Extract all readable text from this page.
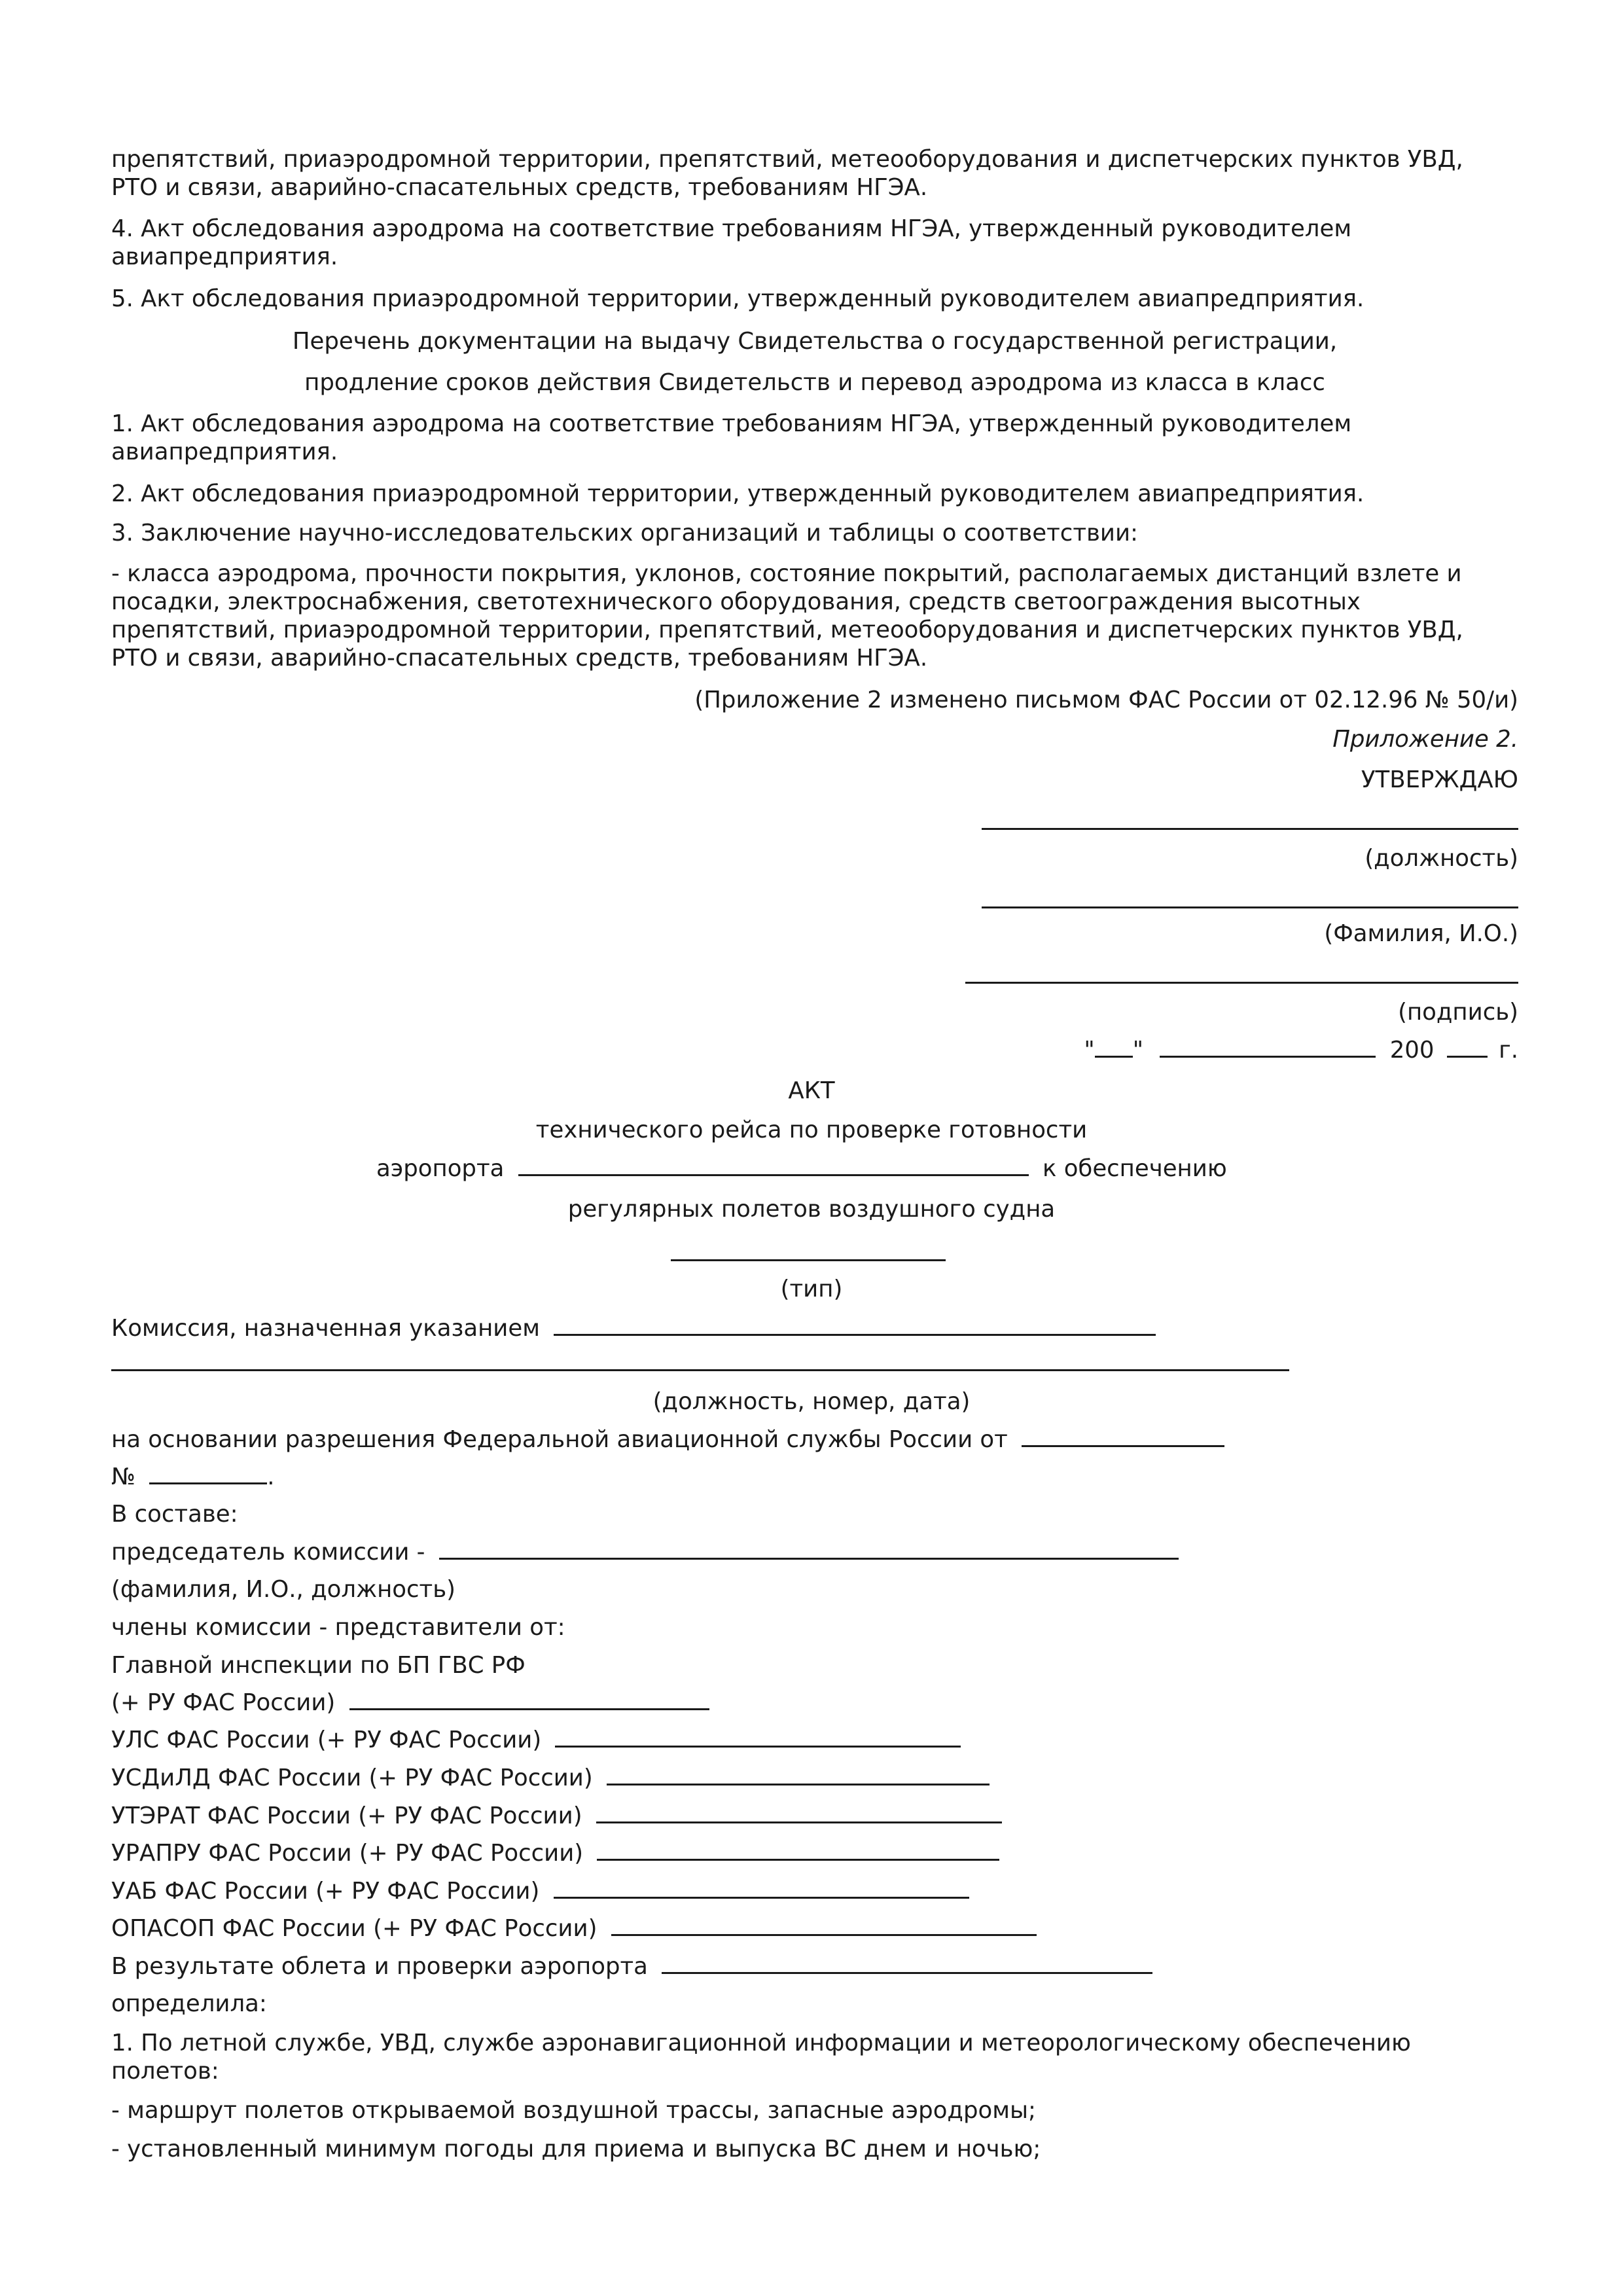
препятствий, приаэродромной территории, препятствий, метеооборудования и диспетчерских пунктов УВД,

РТО и связи, аварийно-спасательных средств, требованиям НГЭА.

4. Акт обследования аэродрома на соответствие требованиям НГЭА, утвержденный руководителем

авиапредприятия.

5. Акт обследования приаэродромной территории, утвержденный руководителем авиапредприятия.

Перечень документации на выдачу Свидетельства о государственной регистрации,

продление сроков действия Свидетельств и перевод аэродрома из класса в класс

1. Акт обследования аэродрома на соответствие требованиям НГЭА, утвержденный руководителем

авиапредприятия.

2. Акт обследования приаэродромной территории, утвержденный руководителем авиапредприятия.

3. Заключение научно-исследовательских организаций и таблицы о соответствии:

- класса аэродрома, прочности покрытия, уклонов, состояние покрытий, располагаемых дистанций взлете и

посадки, электроснабжения, светотехнического оборудования, средств светоограждения высотных

препятствий, приаэродромной территории, препятствий, метеооборудования и диспетчерских пунктов УВД,

РТО и связи, аварийно-спасательных средств, требованиям НГЭА.

(Приложение 2 изменено письмом ФАС России от 02.12.96 № 50/и)

Приложение 2.

УТВЕРЖДАЮ

(должность)

(Фамилия, И.О.)

(подпись)

" "	200	г.

АКТ

технического рейса по проверке готовности

аэропорта	к обеспечению

регулярных полетов воздушного судна

(тип)

Комиссия, назначенная указанием

(должность, номер, дата)

на основании разрешения Федеральной авиационной службы России от

№	.

В составе:

председатель комиссии -

(фамилия, И.О., должность)

члены комиссии - представители от:

Главной инспекции по БП ГВС РФ

(+ РУ ФАС России)

УЛС ФАС России (+ РУ ФАС России)

УСДиЛД ФАС России (+ РУ ФАС России)

УТЭРАТ ФАС России (+ РУ ФАС России)

УРАПРУ ФАС России (+ РУ ФАС России)

УАБ ФАС России (+ РУ ФАС России)

ОПАСОП ФАС России (+ РУ ФАС России)

В результате облета и проверки аэропорта

определила:

1. По летной службе, УВД, службе аэронавигационной информации и метеорологическому обеспечению

полетов:

- маршрут полетов открываемой воздушной трассы, запасные аэродромы;

- установленный минимум погоды для приема и выпуска ВС днем и ночью;
